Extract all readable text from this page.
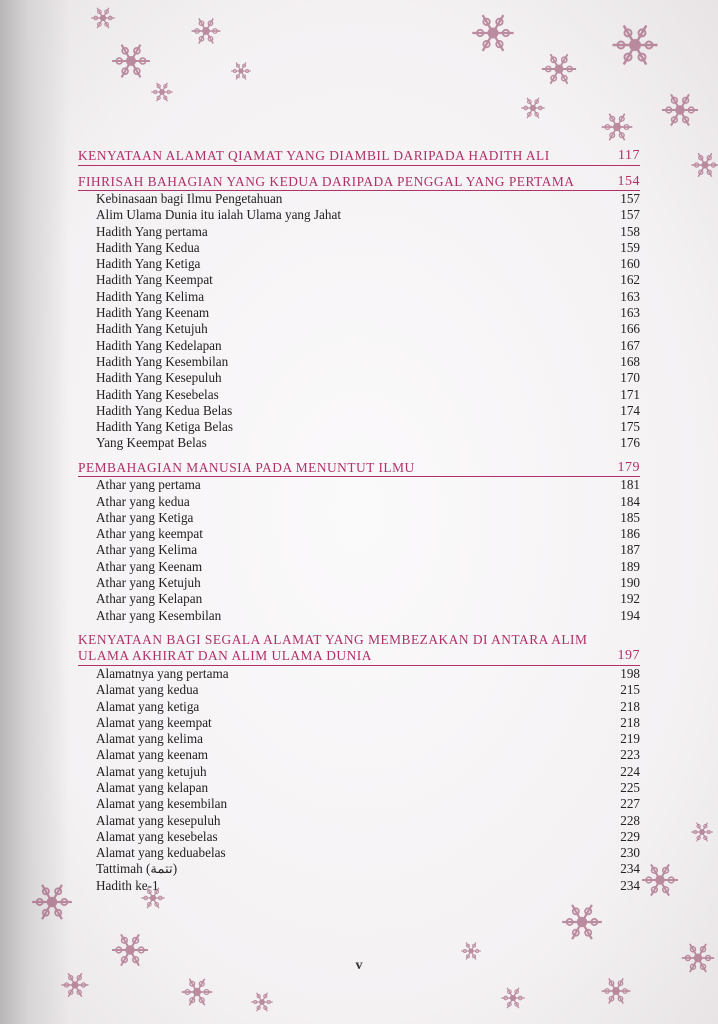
KENYATAAN ALAMAT QIAMAT YANG DIAMBIL DARIPADA HADITH ALI	117
FIHRISAH BAHAGIAN YANG KEDUA DARIPADA PENGGAL YANG PERTAMA	154
Kebinasaan bagi Ilmu Pengetahuan	157
Alim Ulama Dunia itu ialah Ulama yang Jahat	157
Hadith Yang pertama	158
Hadith Yang Kedua	159
Hadith Yang Ketiga	160
Hadith Yang Keempat	162
Hadith Yang Kelima	163
Hadith Yang Keenam	163
Hadith Yang Ketujuh	166
Hadith Yang Kedelapan	167
Hadith Yang Kesembilan	168
Hadith Yang Kesepuluh	170
Hadith Yang Kesebelas	171
Hadith Yang Kedua Belas	174
Hadith Yang Ketiga Belas	175
Yang Keempat Belas	176
PEMBAHAGIAN MANUSIA PADA MENUNTUT ILMU	179
Athar yang pertama	181
Athar yang kedua	184
Athar yang Ketiga	185
Athar yang keempat	186
Athar yang Kelima	187
Athar yang Keenam	189
Athar yang Ketujuh	190
Athar yang Kelapan	192
Athar yang Kesembilan	194
KENYATAAN BAGI SEGALA ALAMAT YANG MEMBEZAKAN DI ANTARA ALIM
ULAMA AKHIRAT DAN ALIM ULAMA DUNIA	197
Alamatnya yang pertama	198
Alamat yang kedua	215
Alamat yang ketiga	218
Alamat yang keempat	218
Alamat yang kelima	219
Alamat yang keenam	223
Alamat yang ketujuh	224
Alamat yang kelapan	225
Alamat yang kesembilan	227
Alamat yang kesepuluh	228
Alamat yang kesebelas	229
Alamat yang keduabelas	230
Tattimah (تتمة)	234
Hadith ke-1	234
v
